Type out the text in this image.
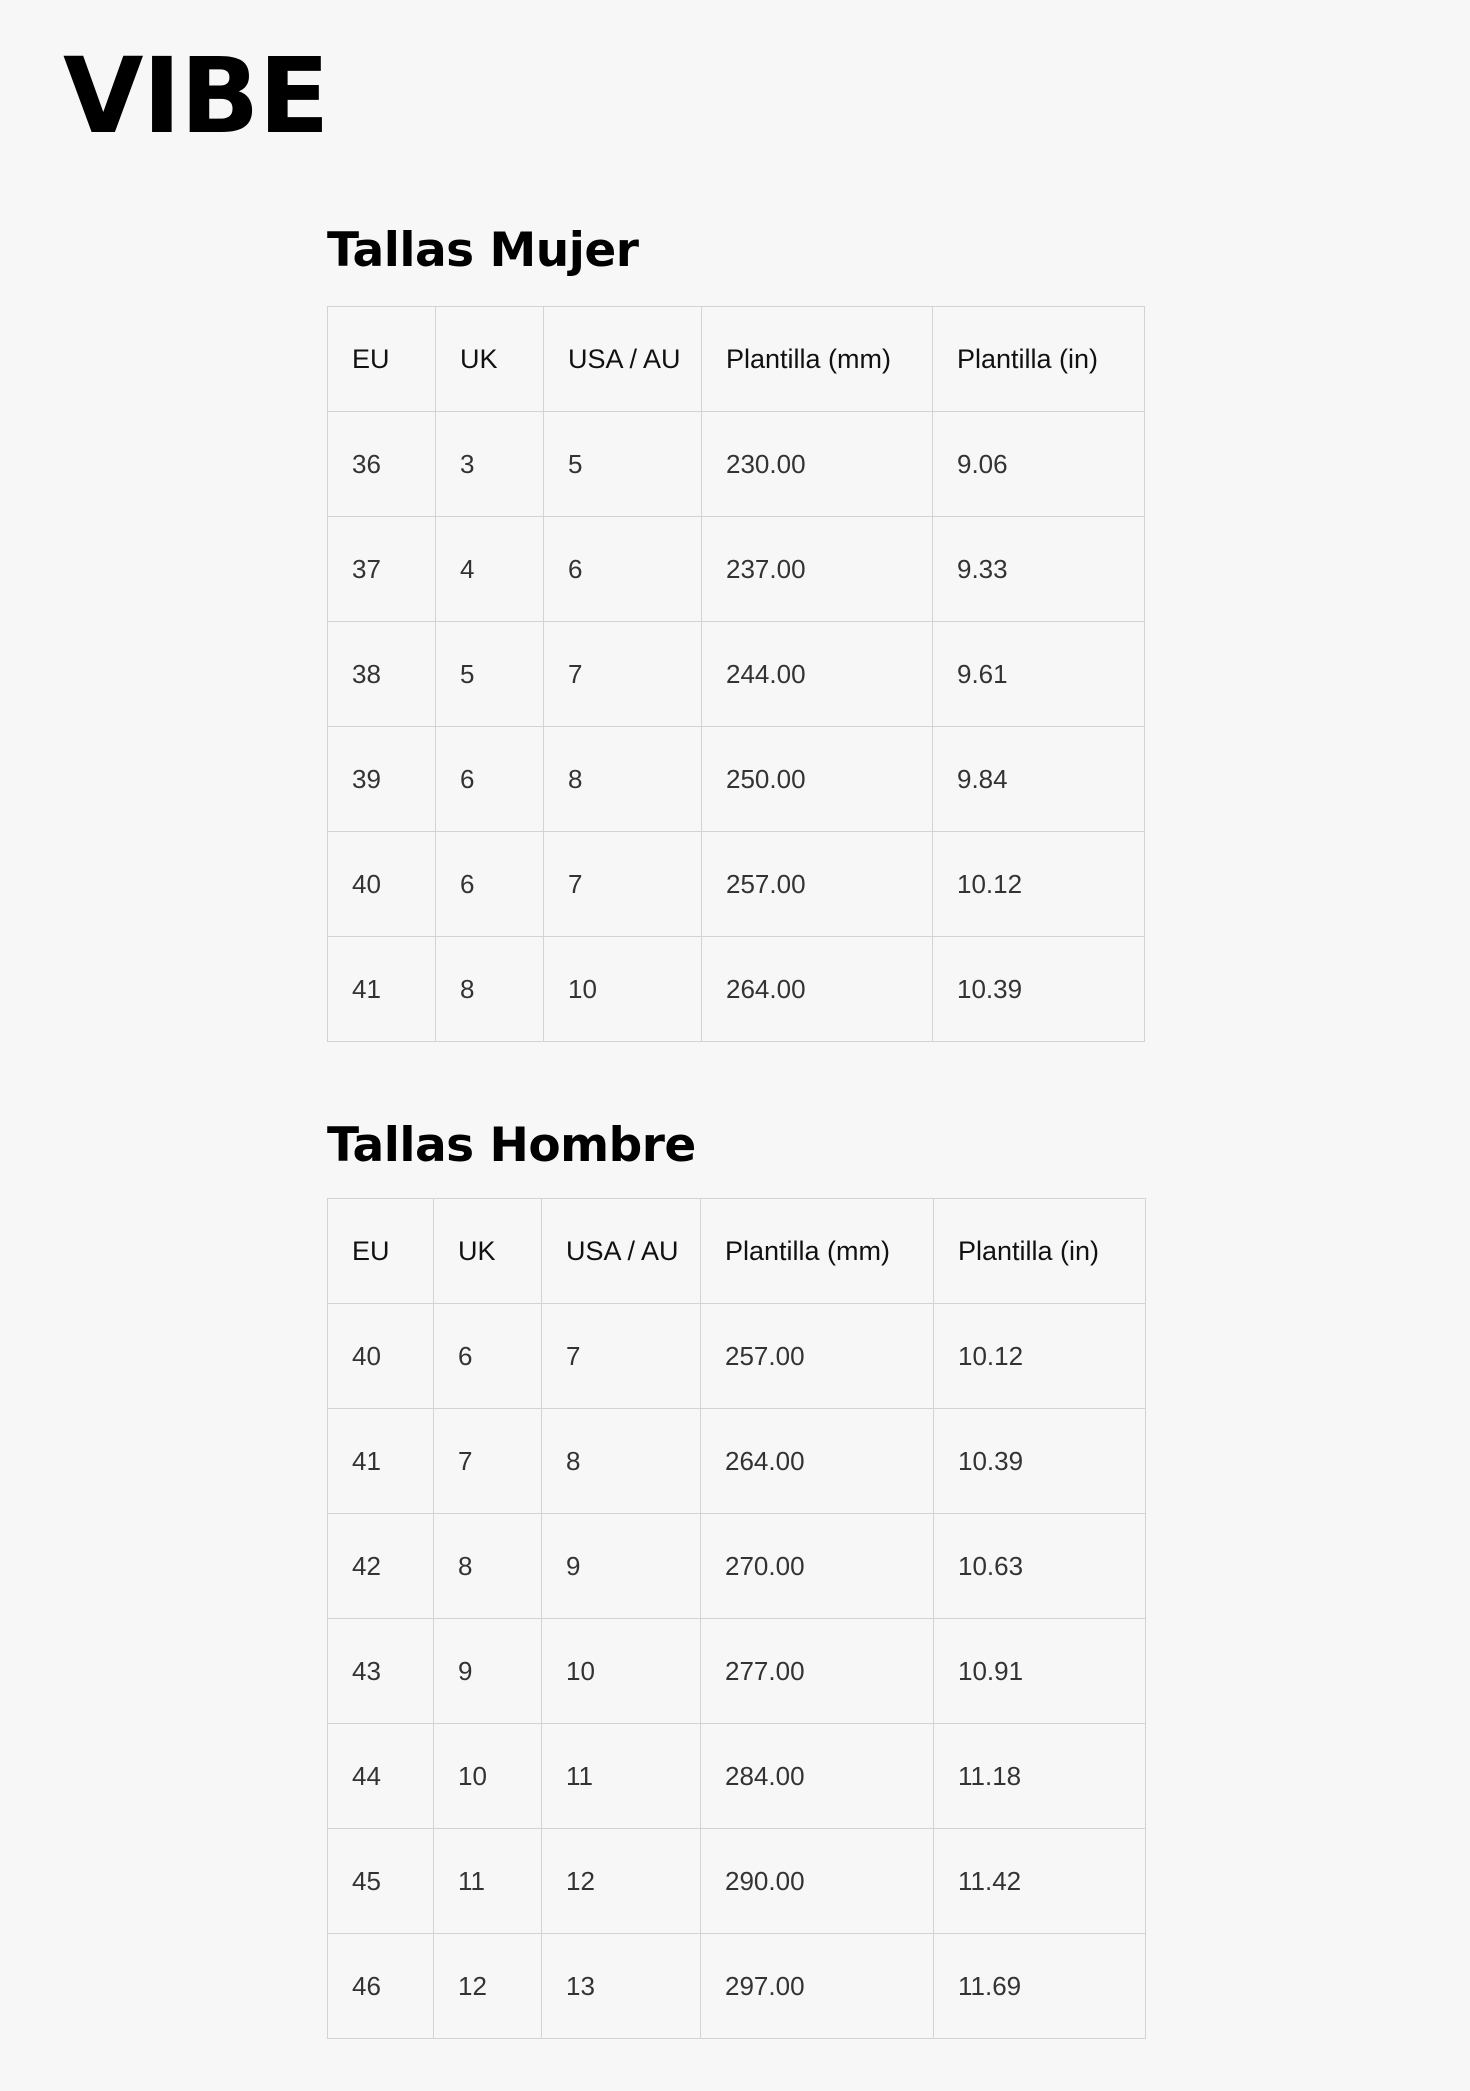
VIBE
Tallas Mujer
EU	UK	USA / AU	Plantilla (mm)	Plantilla (in)
36	3	5	230.00	9.06
37	4	6	237.00	9.33
38	5	7	244.00	9.61
39	6	8	250.00	9.84
40	6	7	257.00	10.12
41	8	10	264.00	10.39
Tallas Hombre
EU	UK	USA / AU	Plantilla (mm)	Plantilla (in)
40	6	7	257.00	10.12
41	7	8	264.00	10.39
42	8	9	270.00	10.63
43	9	10	277.00	10.91
44	10	11	284.00	11.18
45	11	12	290.00	11.42
46	12	13	297.00	11.69
